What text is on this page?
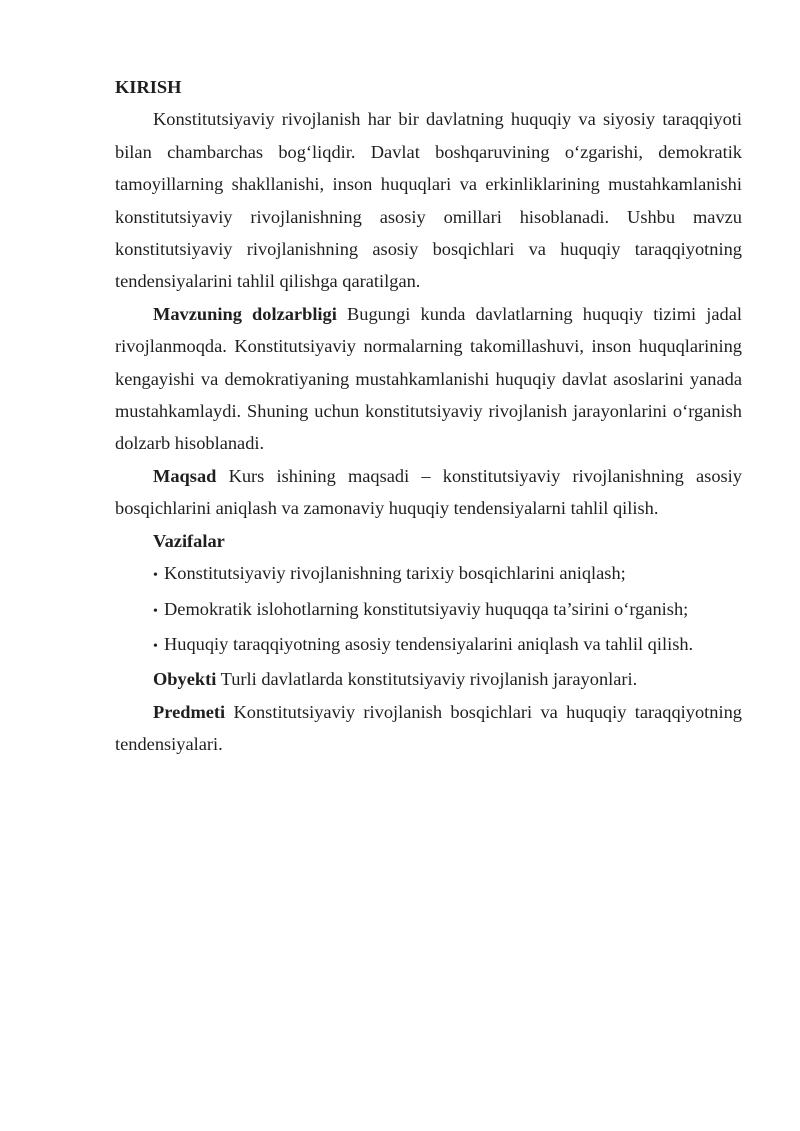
KIRISH

Konstitutsiyaviy rivojlanish har bir davlatning huquqiy va siyosiy taraqqiyoti bilan chambarchas bog‘liqdir. Davlat boshqaruvining o‘zgarishi, demokratik tamoyillarning shakllanishi, inson huquqlari va erkinliklarining mustahkamlanishi konstitutsiyaviy rivojlanishning asosiy omillari hisoblanadi. Ushbu mavzu konstitutsiyaviy rivojlanishning asosiy bosqichlari va huquqiy taraqqiyotning tendensiyalarini tahlil qilishga qaratilgan.

Mavzuning dolzarbligi Bugungi kunda davlatlarning huquqiy tizimi jadal rivojlanmoqda. Konstitutsiyaviy normalarning takomillashuvi, inson huquqlarining kengayishi va demokratiyaning mustahkamlanishi huquqiy davlat asoslarini yanada mustahkamlaydi. Shuning uchun konstitutsiyaviy rivojlanish jarayonlarini o‘rganish dolzarb hisoblanadi.

Maqsad Kurs ishining maqsadi – konstitutsiyaviy rivojlanishning asosiy bosqichlarini aniqlash va zamonaviy huquqiy tendensiyalarni tahlil qilish.

Vazifalar

• Konstitutsiyaviy rivojlanishning tarixiy bosqichlarini aniqlash;
• Demokratik islohotlarning konstitutsiyaviy huquqqa ta’sirini o‘rganish;
• Huquqiy taraqqiyotning asosiy tendensiyalarini aniqlash va tahlil qilish.

Obyekti Turli davlatlarda konstitutsiyaviy rivojlanish jarayonlari.

Predmeti Konstitutsiyaviy rivojlanish bosqichlari va huquqiy taraqqiyotning tendensiyalari.
